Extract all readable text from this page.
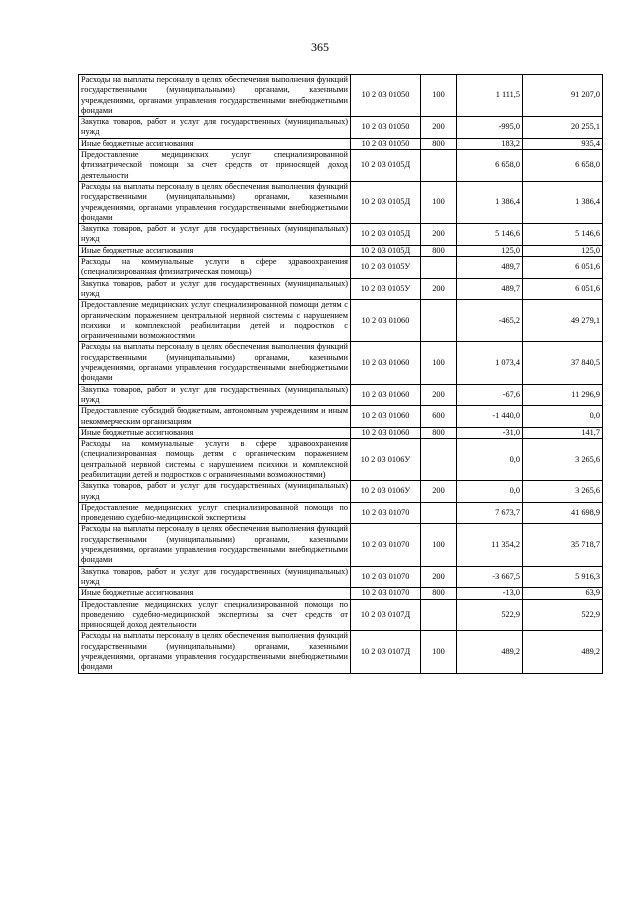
365
Расходы на выплаты персоналу в целях обеспечения выполнения функций государственными (муниципальными) органами, казенными учреждениями, органами управления государственными внебюджетными фондами	10 2 03 01050	100	1 111,5	91 207,0
Закупка товаров, работ и услуг для государственных (муниципальных) нужд	10 2 03 01050	200	-995,0	20 255,1
Иные бюджетные ассигнования	10 2 03 01050	800	183,2	935,4
Предоставление медицинских услуг специализированной фтизиатрической помощи за счет средств от приносящей доход деятельности	10 2 03 0105Д		6 658,0	6 658,0
Расходы на выплаты персоналу в целях обеспечения выполнения функций государственными (муниципальными) органами, казенными учреждениями, органами управления государственными внебюджетными фондами	10 2 03 0105Д	100	1 386,4	1 386,4
Закупка товаров, работ и услуг для государственных (муниципальных) нужд	10 2 03 0105Д	200	5 146,6	5 146,6
Иные бюджетные ассигнования	10 2 03 0105Д	800	125,0	125,0
Расходы на коммунальные услуги в сфере здравоохранения (специализированная фтизиатрическая помощь)	10 2 03 0105У		489,7	6 051,6
Закупка товаров, работ и услуг для государственных (муниципальных) нужд	10 2 03 0105У	200	489,7	6 051,6
Предоставление медицинских услуг специализированной помощи детям с органическим поражением центральной нервной системы с нарушением психики и комплексной реабилитации детей и подростков с ограниченными возможностями	10 2 03 01060		-465,2	49 279,1
Расходы на выплаты персоналу в целях обеспечения выполнения функций государственными (муниципальными) органами, казенными учреждениями, органами управления государственными внебюджетными фондами	10 2 03 01060	100	1 073,4	37 840,5
Закупка товаров, работ и услуг для государственных (муниципальных) нужд	10 2 03 01060	200	-67,6	11 296,9
Предоставление субсидий бюджетным, автономным учреждениям и иным некоммерческим организациям	10 2 03 01060	600	-1 440,0	0,0
Иные бюджетные ассигнования	10 2 03 01060	800	-31,0	141,7
Расходы на коммунальные услуги в сфере здравоохранения (специализированная помощь детям с органическим поражением центральной нервной системы с нарушением психики и комплексной реабилитации детей и подростков с ограниченными возможностями)	10 2 03 0106У		0,0	3 265,6
Закупка товаров, работ и услуг для государственных (муниципальных) нужд	10 2 03 0106У	200	0,0	3 265,6
Предоставление медицинских услуг специализированной помощи по проведению судебно-медицинской экспертизы	10 2 03 01070		7 673,7	41 698,9
Расходы на выплаты персоналу в целях обеспечения выполнения функций государственными (муниципальными) органами, казенными учреждениями, органами управления государственными внебюджетными фондами	10 2 03 01070	100	11 354,2	35 718,7
Закупка товаров, работ и услуг для государственных (муниципальных) нужд	10 2 03 01070	200	-3 667,5	5 916,3
Иные бюджетные ассигнования	10 2 03 01070	800	-13,0	63,9
Предоставление медицинских услуг специализированной помощи по проведению судебно-медицинской экспертизы за счет средств от приносящей доход деятельности	10 2 03 0107Д		522,9	522,9
Расходы на выплаты персоналу в целях обеспечения выполнения функций государственными (муниципальными) органами, казенными учреждениями, органами управления государственными внебюджетными фондами	10 2 03 0107Д	100	489,2	489,2
